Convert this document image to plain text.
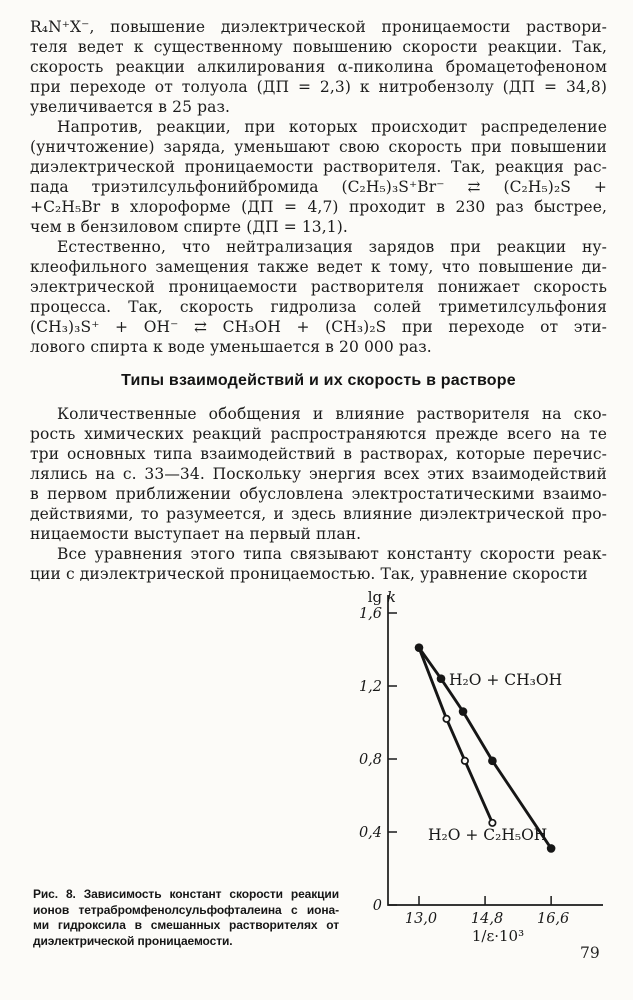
R₄N⁺X⁻, повышение диэлектрической проницаемости раствори-
теля ведет к существенному повышению скорости реакции. Так,
скорость реакции алкилирования α-пиколина бромацетофеноном
при переходе от толуола (ДП = 2,3) к нитробензолу (ДП = 34,8)
увеличивается в 25 раз.
Напротив, реакции, при которых происходит распределение
(уничтожение) заряда, уменьшают свою скорость при повышении
диэлектрической проницаемости растворителя. Так, реакция рас-
пада триэтилсульфонийбромида (C₂H₅)₃S⁺Br⁻ ⇄ (C₂H₅)₂S +
+C₂H₅Br в хлороформе (ДП = 4,7) проходит в 230 раз быстрее,
чем в бензиловом спирте (ДП = 13,1).
Естественно, что нейтрализация зарядов при реакции ну-
клеофильного замещения также ведет к тому, что повышение ди-
электрической проницаемости растворителя понижает скорость
процесса. Так, скорость гидролиза солей триметилсульфония
(CH₃)₃S⁺ + OH⁻ ⇄ CH₃OH + (CH₃)₂S при переходе от эти-
лового спирта к воде уменьшается в 20 000 раз.
Типы взаимодействий и их скорость в растворе
Количественные обобщения и влияние растворителя на ско-
рость химических реакций распространяются прежде всего на те
три основных типа взаимодействий в растворах, которые перечис-
лялись на с. 33—34. Поскольку энергия всех этих взаимодействий
в первом приближении обусловлена электростатическими взаимо-
действиями, то разумеется, и здесь влияние диэлектрической про-
ницаемости выступает на первый план.
Все уравнения этого типа связывают константу скорости реак-
ции с диэлектрической проницаемостью. Так, уравнение скорости
0
0,4
0,8
1,2
1,6
13,0 14,8 16,6
lg k
1/ε·10³
H₂O + C₂H₅OH
H₂O + CH₃OH
Рис. 8. Зависимость констант скорости реакции
ионов тетрабромфенолсульфофталеина с иона-
ми гидроксила в смешанных растворителях от
диэлектрической проницаемости.
79
